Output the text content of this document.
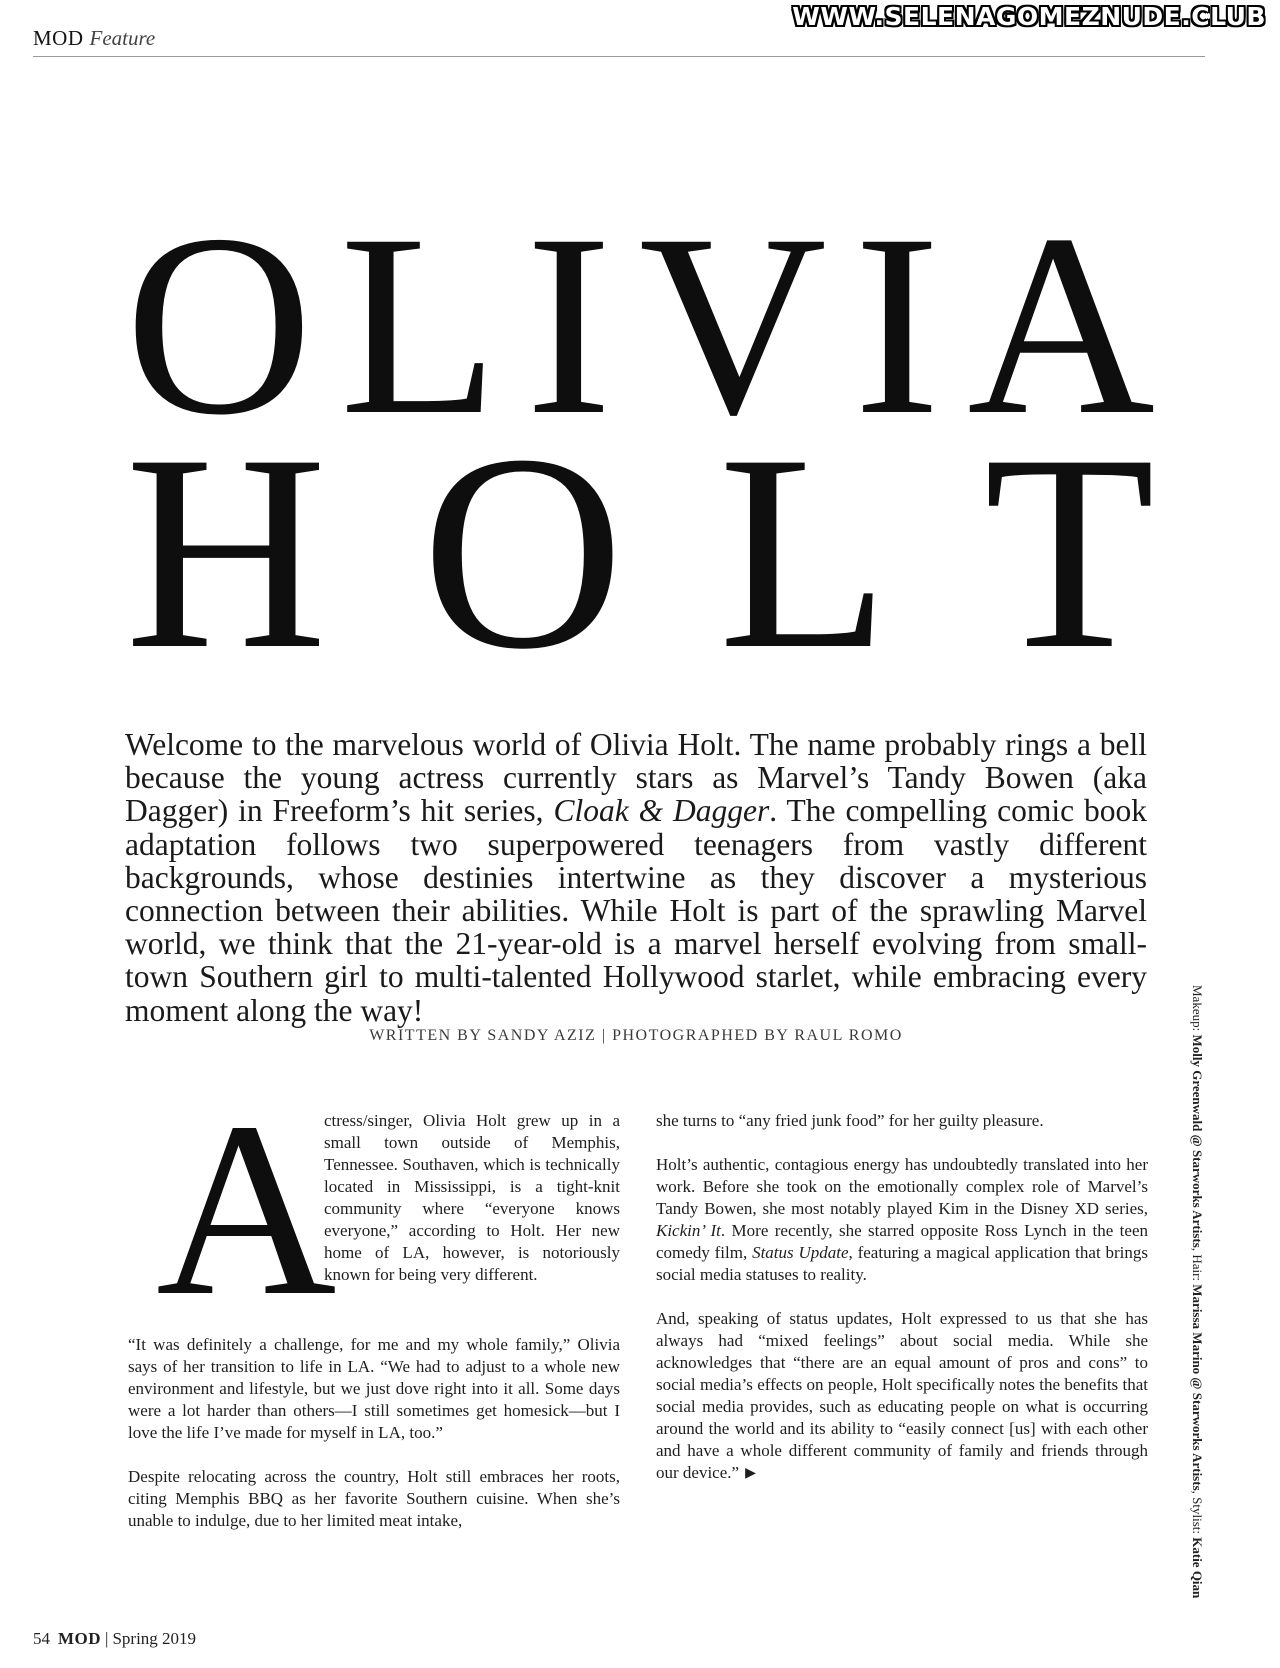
WWW.SELENAGOMEZNUDE.CLUB
MOD Feature
O L I V I A
H O L T
Welcome to the marvelous world of Olivia Holt. The name probably rings a bell because the young actress currently stars as Marvel’s Tandy Bowen (aka Dagger) in Freeform’s hit series, Cloak & Dagger. The compelling comic book adaptation follows two superpowered teenagers from vastly different backgrounds, whose destinies intertwine as they discover a mysterious connection between their abilities. While Holt is part of the sprawling Marvel world, we think that the 21-year-old is a marvel herself evolving from small-town Southern girl to multi-talented Hollywood starlet, while embracing every moment along the way!
WRITTEN BY SANDY AZIZ | PHOTOGRAPHED BY RAUL ROMO
A
ctress/singer, Olivia Holt grew up in a small town outside of Memphis, Tennessee. Southaven, which is technically located in Mississippi, is a tight-knit community where “everyone knows everyone,” according to Holt. Her new home of LA, however, is notoriously known for being very different.

“It was definitely a challenge, for me and my whole family,” Olivia says of her transition to life in LA. “We had to adjust to a whole new environment and lifestyle, but we just dove right into it all. Some days were a lot harder than others—I still sometimes get homesick—but I love the life I’ve made for myself in LA, too.”

Despite relocating across the country, Holt still embraces her roots, citing Memphis BBQ as her favorite Southern cuisine. When she’s unable to indulge, due to her limited meat intake,

she turns to “any fried junk food” for her guilty pleasure.

Holt’s authentic, contagious energy has undoubtedly translated into her work. Before she took on the emotionally complex role of Marvel’s Tandy Bowen, she most notably played Kim in the Disney XD series, Kickin’ It. More recently, she starred opposite Ross Lynch in the teen comedy film, Status Update, featuring a magical application that brings social media statuses to reality.

And, speaking of status updates, Holt expressed to us that she has always had “mixed feelings” about social media. While she acknowledges that “there are an equal amount of pros and cons” to social media’s effects on people, Holt specifically notes the benefits that social media provides, such as educating people on what is occurring around the world and its ability to “easily connect [us] with each other and have a whole different community of family and friends through our device.” ▶

Makeup: Molly Greenwald @ Starworks Artists, Hair: Marissa Marino @ Starworks Artists, Stylist: Katie Qian
54 MOD | Spring 2019
